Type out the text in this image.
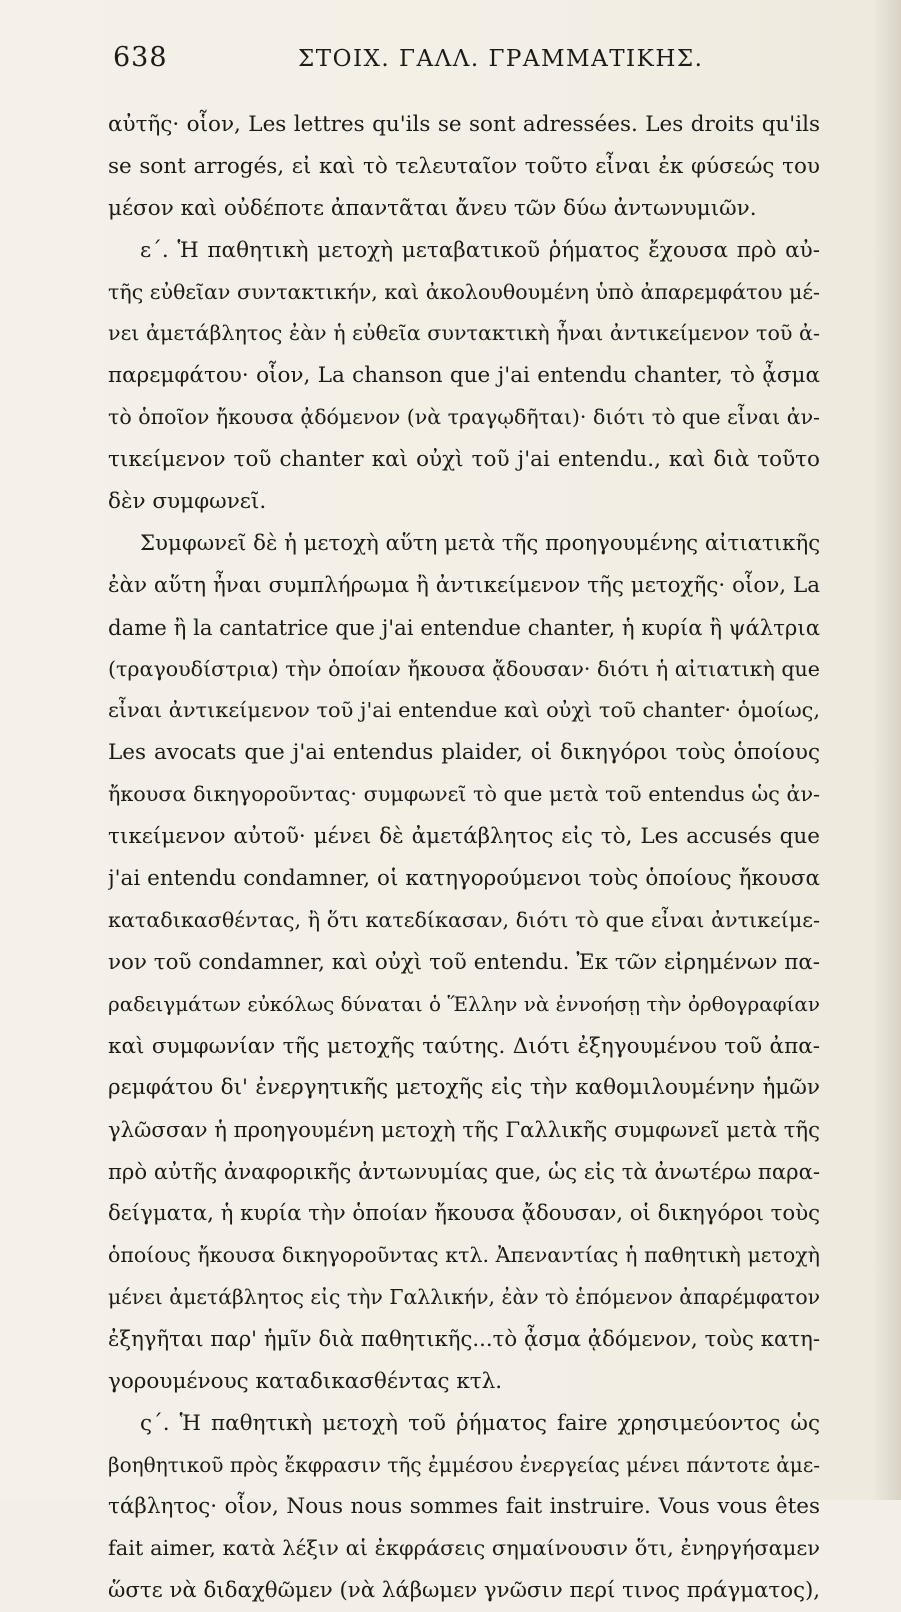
638	ΣΤΟΙΧ. ΓΑΛΛ. ΓΡΑΜΜΑΤΙΚΗΣ.
αὐτῆς· οἷον, Les lettres qu'ils se sont adressées. Les droits qu'ils
se sont arrogés, εἰ καὶ τὸ τελευταῖον τοῦτο εἶναι ἐκ φύσεώς του
μέσον καὶ οὐδέποτε ἀπαντᾶται ἄνευ τῶν δύω ἀντωνυμιῶν.
ε΄. Ἡ παθητικὴ μετοχὴ μεταβατικοῦ ῥήματος ἔχουσα πρὸ αὐ-
τῆς εὐθεῖαν συντακτικήν, καὶ ἀκολουθουμένη ὑπὸ ἀπαρεμφάτου μέ-
νει ἀμετάβλητος ἐὰν ἡ εὐθεῖα συντακτικὴ ἦναι ἀντικείμενον τοῦ ἀ-
παρεμφάτου· οἷον, La chanson que j'ai entendu chanter, τὸ ᾆσμα
τὸ ὁποῖον ἤκουσα ᾀδόμενον (νὰ τραγῳδῆται)· διότι τὸ que εἶναι ἀν-
τικείμενον τοῦ chanter καὶ οὐχὶ τοῦ j'ai entendu., καὶ διὰ τοῦτο
δὲν συμφωνεῖ.
Συμφωνεῖ δὲ ἡ μετοχὴ αὕτη μετὰ τῆς προηγουμένης αἰτιατικῆς
ἐὰν αὕτη ἦναι συμπλήρωμα ἢ ἀντικείμενον τῆς μετοχῆς· οἷον, La
dame ἢ la cantatrice que j'ai entendue chanter, ἡ κυρία ἢ ψάλτρια
(τραγουδίστρια) τὴν ὁποίαν ἤκουσα ᾄδουσαν· διότι ἡ αἰτιατικὴ que
εἶναι ἀντικείμενον τοῦ j'ai entendue καὶ οὐχὶ τοῦ chanter· ὁμοίως,
Les avocats que j'ai entendus plaider, οἱ δικηγόροι τοὺς ὁποίους
ἤκουσα δικηγοροῦντας· συμφωνεῖ τὸ que μετὰ τοῦ entendus ὡς ἀν-
τικείμενον αὐτοῦ· μένει δὲ ἀμετάβλητος εἰς τὸ, Les accusés que
j'ai entendu condamner, οἱ κατηγορούμενοι τοὺς ὁποίους ἤκουσα
καταδικασθέντας, ἢ ὅτι κατεδίκασαν, διότι τὸ que εἶναι ἀντικείμε-
νον τοῦ condamner, καὶ οὐχὶ τοῦ entendu. Ἐκ τῶν εἰρημένων πα-
ραδειγμάτων εὐκόλως δύναται ὁ Ἕλλην νὰ ἐννοήσῃ τὴν ὀρθογραφίαν
καὶ συμφωνίαν τῆς μετοχῆς ταύτης. Διότι ἐξηγουμένου τοῦ ἀπα-
ρεμφάτου δι' ἐνεργητικῆς μετοχῆς εἰς τὴν καθομιλουμένην ἡμῶν
γλῶσσαν ἡ προηγουμένη μετοχὴ τῆς Γαλλικῆς συμφωνεῖ μετὰ τῆς
πρὸ αὐτῆς ἀναφορικῆς ἀντωνυμίας que, ὡς εἰς τὰ ἀνωτέρω παρα-
δείγματα, ἡ κυρία τὴν ὁποίαν ἤκουσα ᾄδουσαν, οἱ δικηγόροι τοὺς
ὁποίους ἤκουσα δικηγοροῦντας κτλ. Ἀπεναντίας ἡ παθητικὴ μετοχὴ
μένει ἀμετάβλητος εἰς τὴν Γαλλικήν, ἐὰν τὸ ἑπόμενον ἀπαρέμφατον
ἐξηγῆται παρ' ἡμῖν διὰ παθητικῆς...τὸ ᾆσμα ᾀδόμενον, τοὺς κατη-
γορουμένους καταδικασθέντας κτλ.
ς΄. Ἡ παθητικὴ μετοχὴ τοῦ ῥήματος faire χρησιμεύοντος ὡς
βοηθητικοῦ πρὸς ἔκφρασιν τῆς ἐμμέσου ἐνεργείας μένει πάντοτε ἀμε-
τάβλητος· οἷον, Nous nous sommes fait instruire. Vous vous êtes
fait aimer, κατὰ λέξιν αἱ ἐκφράσεις σημαίνουσιν ὅτι, ἐνηργήσαμεν
ὥστε νὰ διδαχθῶμεν (νὰ λάβωμεν γνῶσιν περί τινος πράγματος),
